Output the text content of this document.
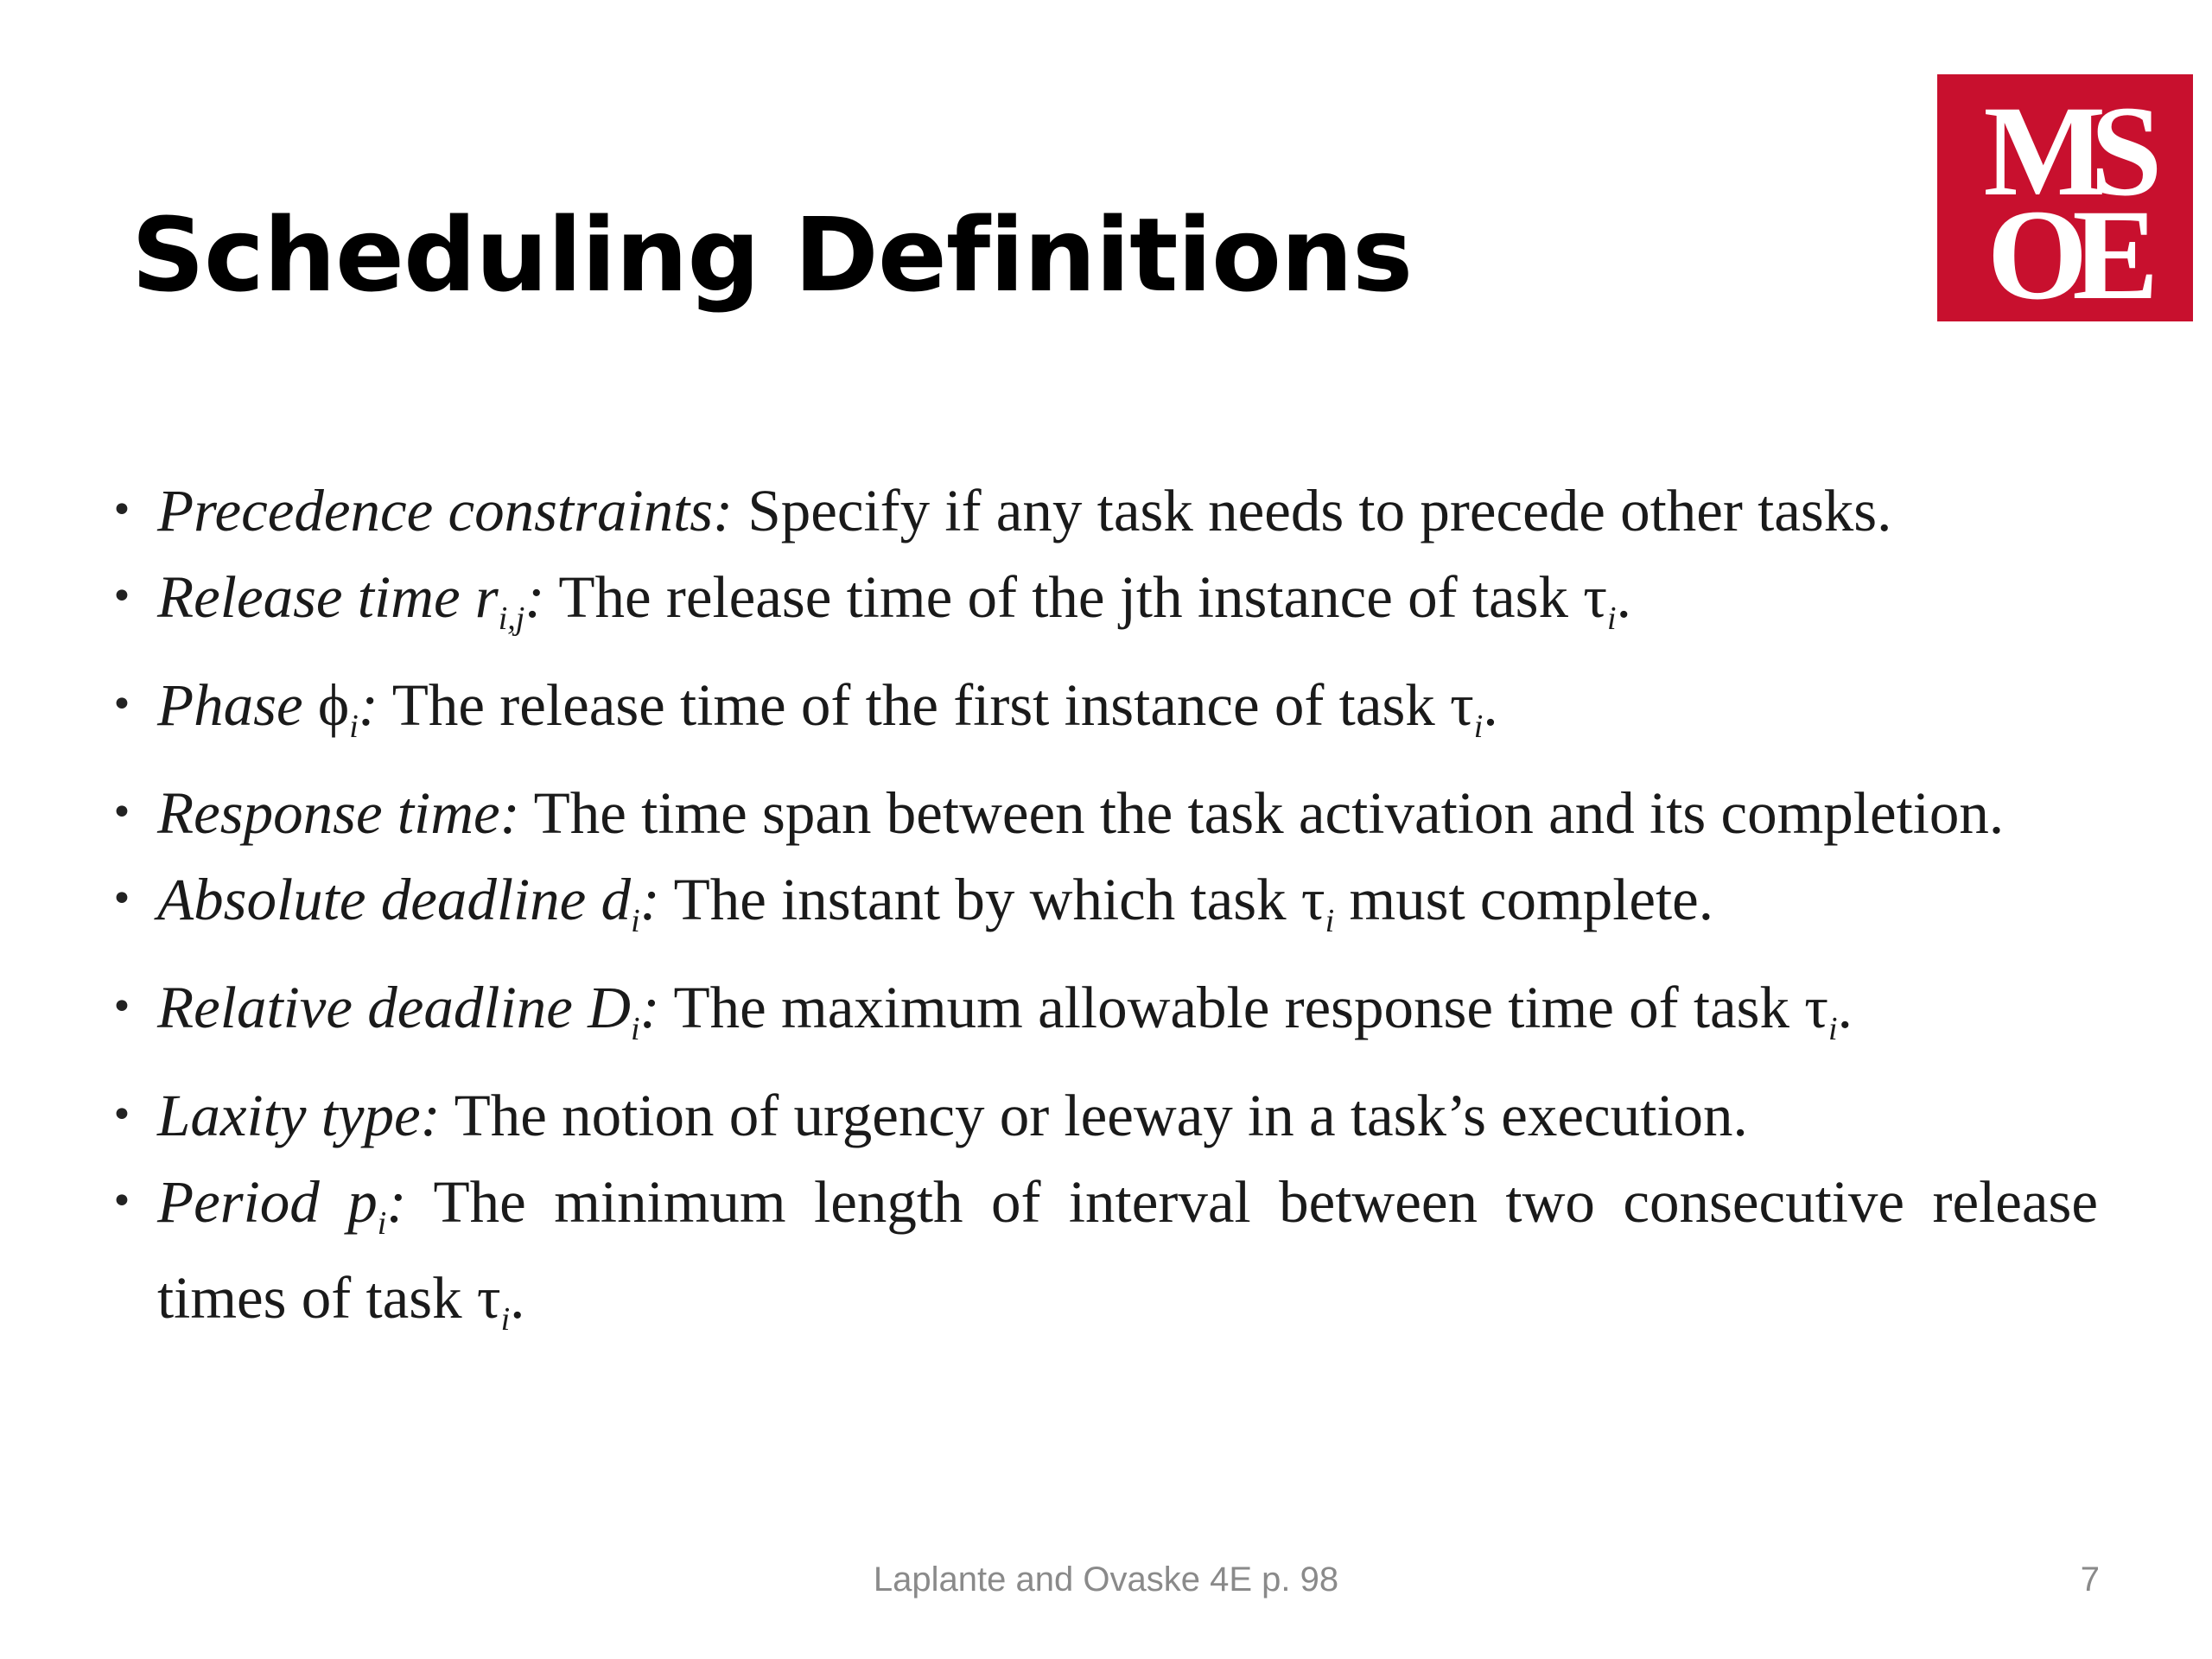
Scheduling Definitions
MS
OE
• Precedence constraints: Specify if any task needs to precede other tasks.
• Release time $r_{i,j}$: The release time of the jth instance of task $\tau_i$.
• Phase $\phi_i$: The release time of the first instance of task $\tau_i$.
• Response time: The time span between the task activation and its completion.
• Absolute deadline $d_i$: The instant by which task $\tau_i$ must complete.
• Relative deadline $D_i$: The maximum allowable response time of task $\tau_i$.
• Laxity type: The notion of urgency or leeway in a task’s execution.
• Period $p_i$: The minimum length of interval between two consecutive release times of task $\tau_i$.
Laplante and Ovaske 4E p. 98	7
